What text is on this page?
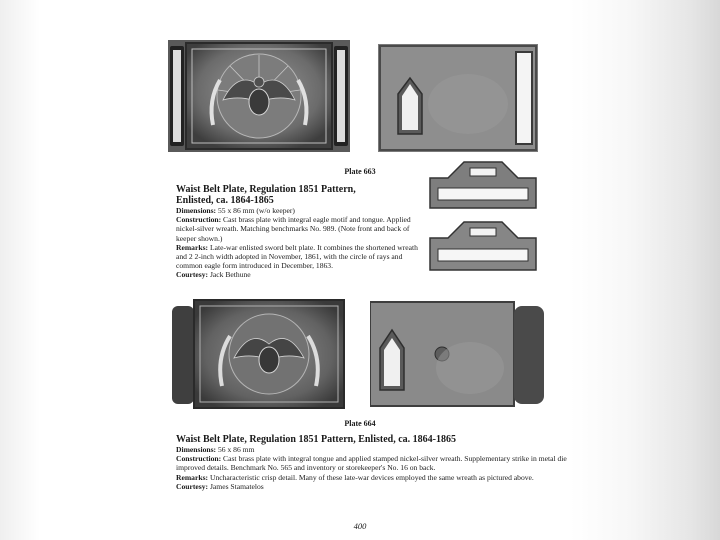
Plate 663
Waist Belt Plate, Regulation 1851 Pattern,
Enlisted, ca. 1864-1865
Dimensions: 55 x 86 mm (w/o keeper)
Construction: Cast brass plate with integral eagle motif and tongue. Applied nickel-silver wreath. Matching benchmarks No. 989. (Note front and back of keeper shown.)
Remarks: Late-war enlisted sword belt plate. It combines the shortened wreath and 2 2-inch width adopted in November, 1861, with the circle of rays and common eagle form introduced in December, 1863.
Courtesy: Jack Bethune
Plate 664
Waist Belt Plate, Regulation 1851 Pattern, Enlisted, ca. 1864-1865
Dimensions: 56 x 86 mm
Construction: Cast brass plate with integral tongue and applied stamped nickel-silver wreath. Supplementary strike in metal die improved details. Benchmark No. 565 and inventory or storekeeper's No. 16 on back.
Remarks: Uncharacteristic crisp detail. Many of these late-war devices employed the same wreath as pictured above.
Courtesy: James Stamatelos
400
